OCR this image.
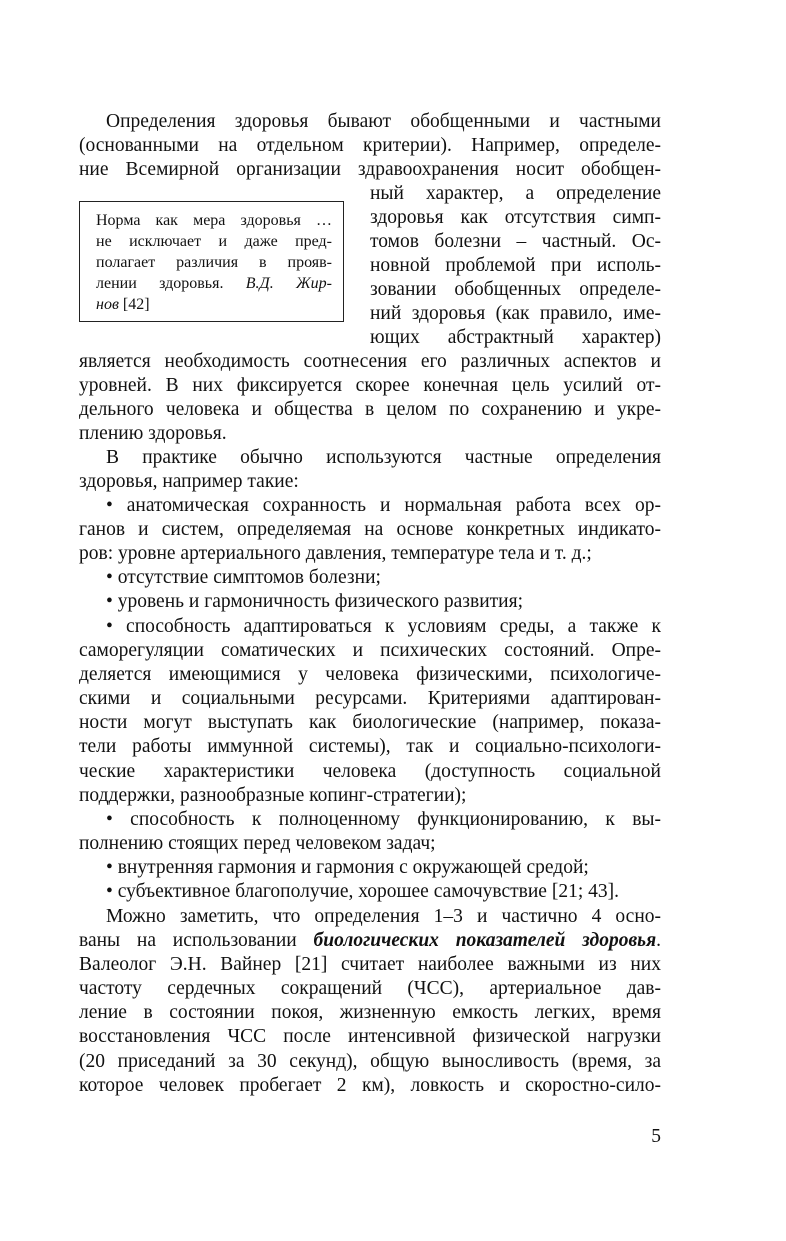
Определения здоровья бывают обобщенными и частными

(основанными на отдельном критерии). Например, определе-

ние Всемирной организации здравоохранения носит обобщен-

ный характер, а определение

здоровья как отсутствия симп-

томов болезни – частный. Ос-

новной проблемой при исполь-

зовании обобщенных определе-

ний здоровья (как правило, име-

ющих абстрактный характер)

является необходимость соотнесения его различных аспектов и

уровней. В них фиксируется скорее конечная цель усилий от-

дельного человека и общества в целом по сохранению и укре-

плению здоровья.

Норма как мера здоровья …

не исключает и даже пред-

полагает различия в прояв-

лении здоровья. В.Д. Жир-

нов [42]

В практике обычно используются частные определения

здоровья, например такие:

• анатомическая сохранность и нормальная работа всех ор-

ганов и систем, определяемая на основе конкретных индикато-

ров: уровне артериального давления, температуре тела и т. д.;

• отсутствие симптомов болезни;

• уровень и гармоничность физического развития;

• способность адаптироваться к условиям среды, а также к

саморегуляции соматических и психических состояний. Опре-

деляется имеющимися у человека физическими, психологиче-

скими и социальными ресурсами. Критериями адаптирован-

ности могут выступать как биологические (например, показа-

тели работы иммунной системы), так и социально-психологи-

ческие характеристики человека (доступность социальной

поддержки, разнообразные копинг-стратегии);

• способность к полноценному функционированию, к вы-

полнению стоящих перед человеком задач;

• внутренняя гармония и гармония с окружающей средой;

• субъективное благополучие, хорошее самочувствие [21; 43].

Можно заметить, что определения 1–3 и частично 4 осно-

ваны на использовании биологических показателей здоровья.

Валеолог Э.Н. Вайнер [21] считает наиболее важными из них

частоту сердечных сокращений (ЧСС), артериальное дав-

ление в состоянии покоя, жизненную емкость легких, время

восстановления ЧСС после интенсивной физической нагрузки

(20 приседаний за 30 секунд), общую выносливость (время, за

которое человек пробегает 2 км), ловкость и скоростно-сило-

5
